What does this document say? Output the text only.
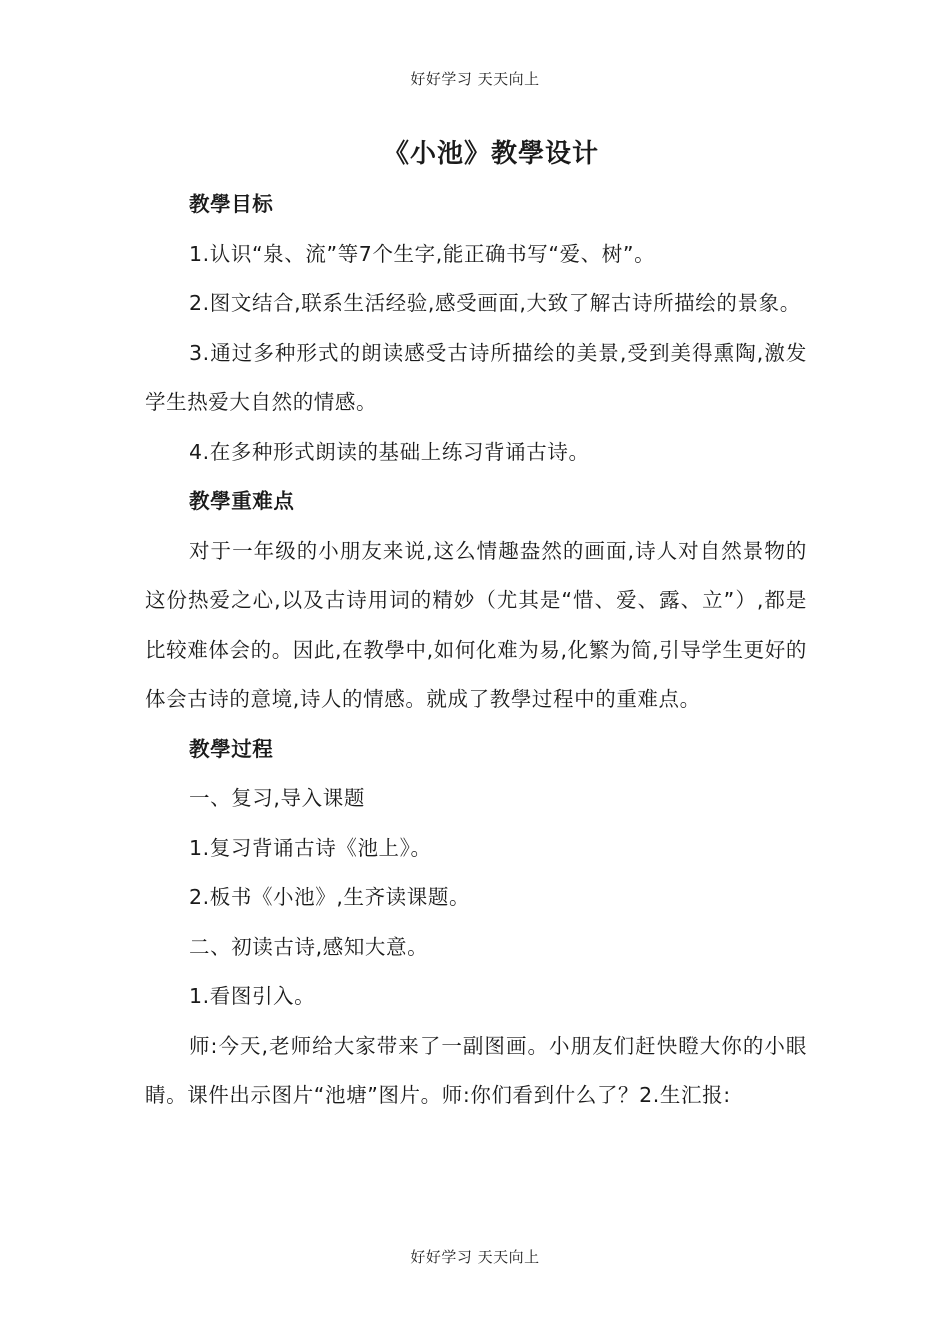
好好学习 天天向上
《小池》教學设计

教學目标

1.认识“泉、流”等7个生字,能正确书写“爱、树”。

2.图文结合,联系生活经验,感受画面,大致了解古诗所描绘的景象。

3.通过多种形式的朗读感受古诗所描绘的美景,受到美得熏陶,激发学生热爱大自然的情感。

4.在多种形式朗读的基础上练习背诵古诗。

教學重难点

对于一年级的小朋友来说,这么情趣盎然的画面,诗人对自然景物的这份热爱之心,以及古诗用词的精妙（尤其是“惜、爱、露、立”）,都是比较难体会的。因此,在教學中,如何化难为易,化繁为简,引导学生更好的体会古诗的意境,诗人的情感。就成了教學过程中的重难点。

教學过程

一、复习,导入课题

1.复习背诵古诗《池上》。

2.板书《小池》,生齐读课题。

二、初读古诗,感知大意。

1.看图引入。

师:今天,老师给大家带来了一副图画。小朋友们赶快瞪大你的小眼睛。课件出示图片“池塘”图片。师:你们看到什么了？2.生汇报:

好好学习 天天向上
